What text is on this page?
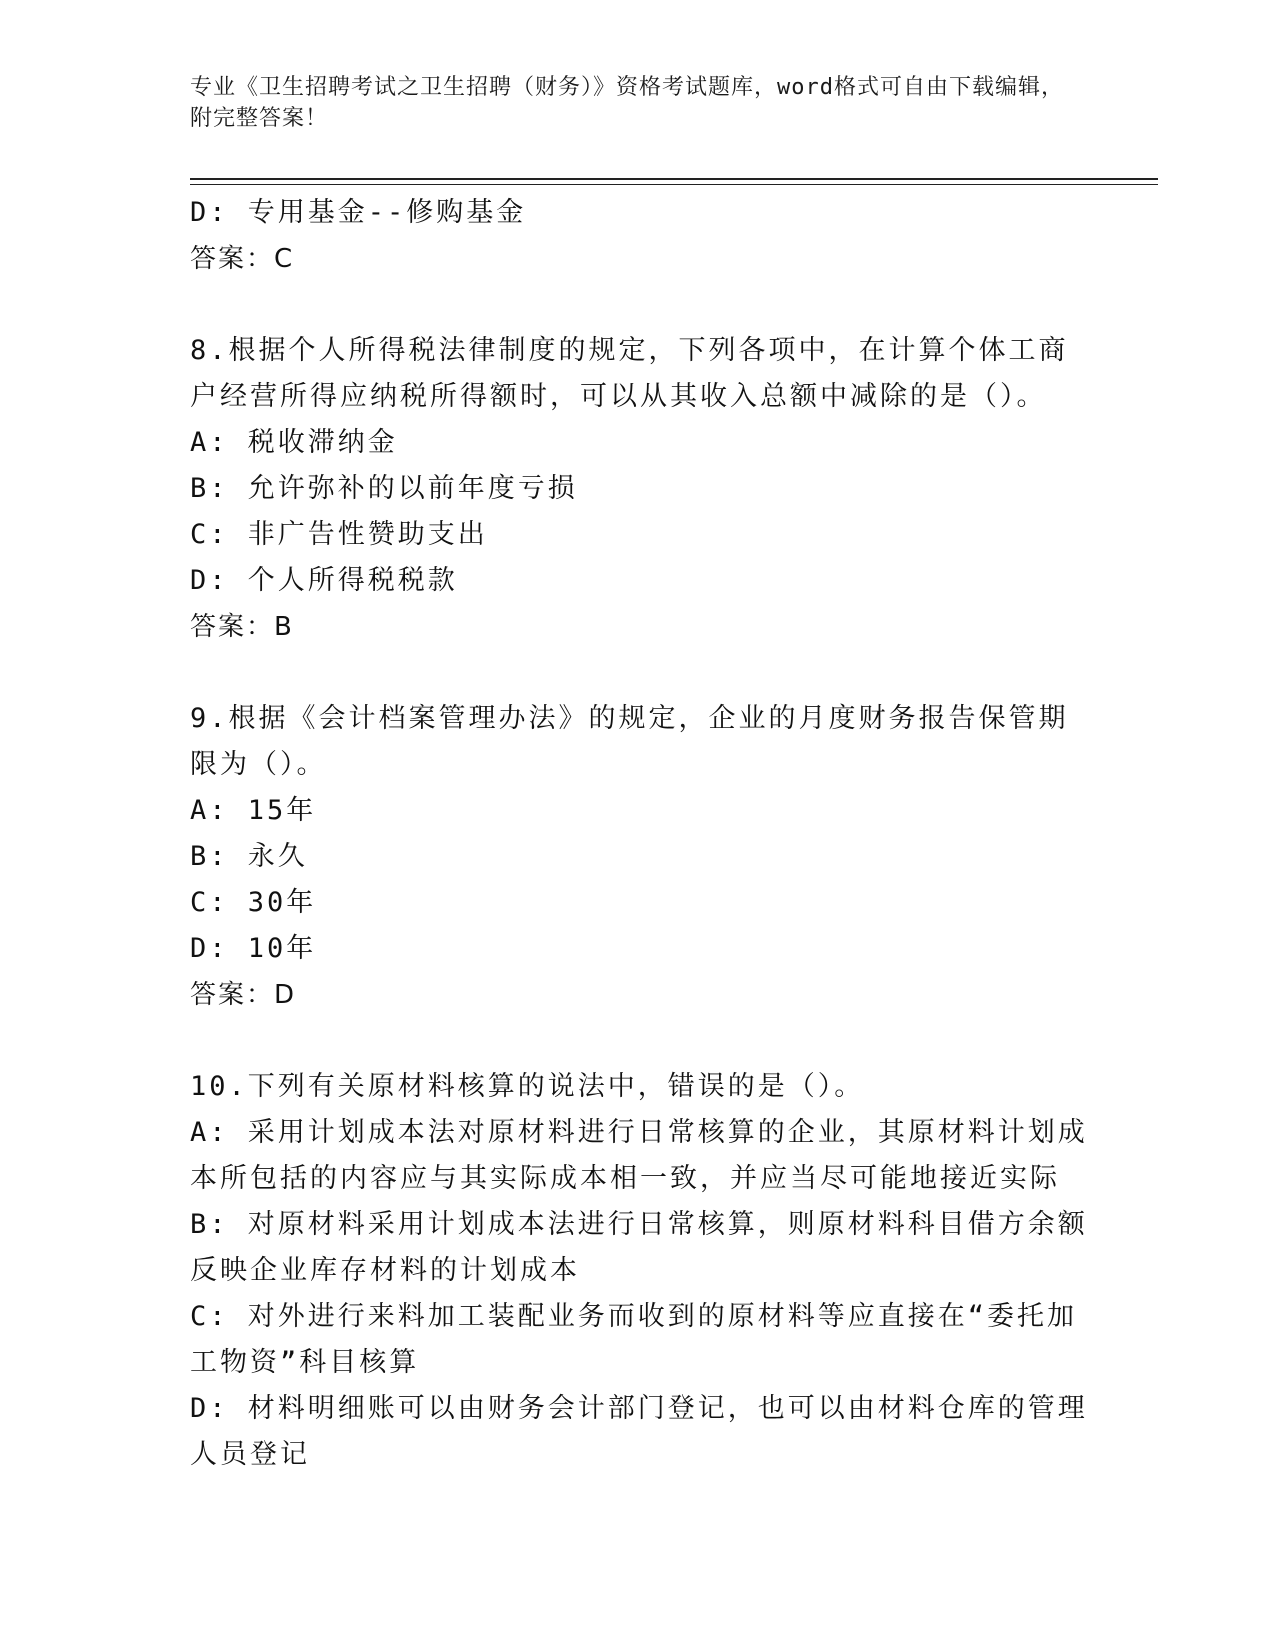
专业《卫生招聘考试之卫生招聘（财务）》资格考试题库，word格式可自由下载编辑，附完整答案！
D: 专用基金--修购基金
答案：C
8.根据个人所得税法律制度的规定，下列各项中，在计算个体工商户经营所得应纳税所得额时，可以从其收入总额中减除的是（）。
A: 税收滞纳金
B: 允许弥补的以前年度亏损
C: 非广告性赞助支出
D: 个人所得税税款
答案：B
9.根据《会计档案管理办法》的规定，企业的月度财务报告保管期限为（）。
A: 15年
B: 永久
C: 30年
D: 10年
答案：D
10.下列有关原材料核算的说法中，错误的是（）。
A: 采用计划成本法对原材料进行日常核算的企业，其原材料计划成本所包括的内容应与其实际成本相一致，并应当尽可能地接近实际
B: 对原材料采用计划成本法进行日常核算，则原材料科目借方余额反映企业库存材料的计划成本
C: 对外进行来料加工装配业务而收到的原材料等应直接在“委托加工物资”科目核算
D: 材料明细账可以由财务会计部门登记，也可以由材料仓库的管理人员登记
